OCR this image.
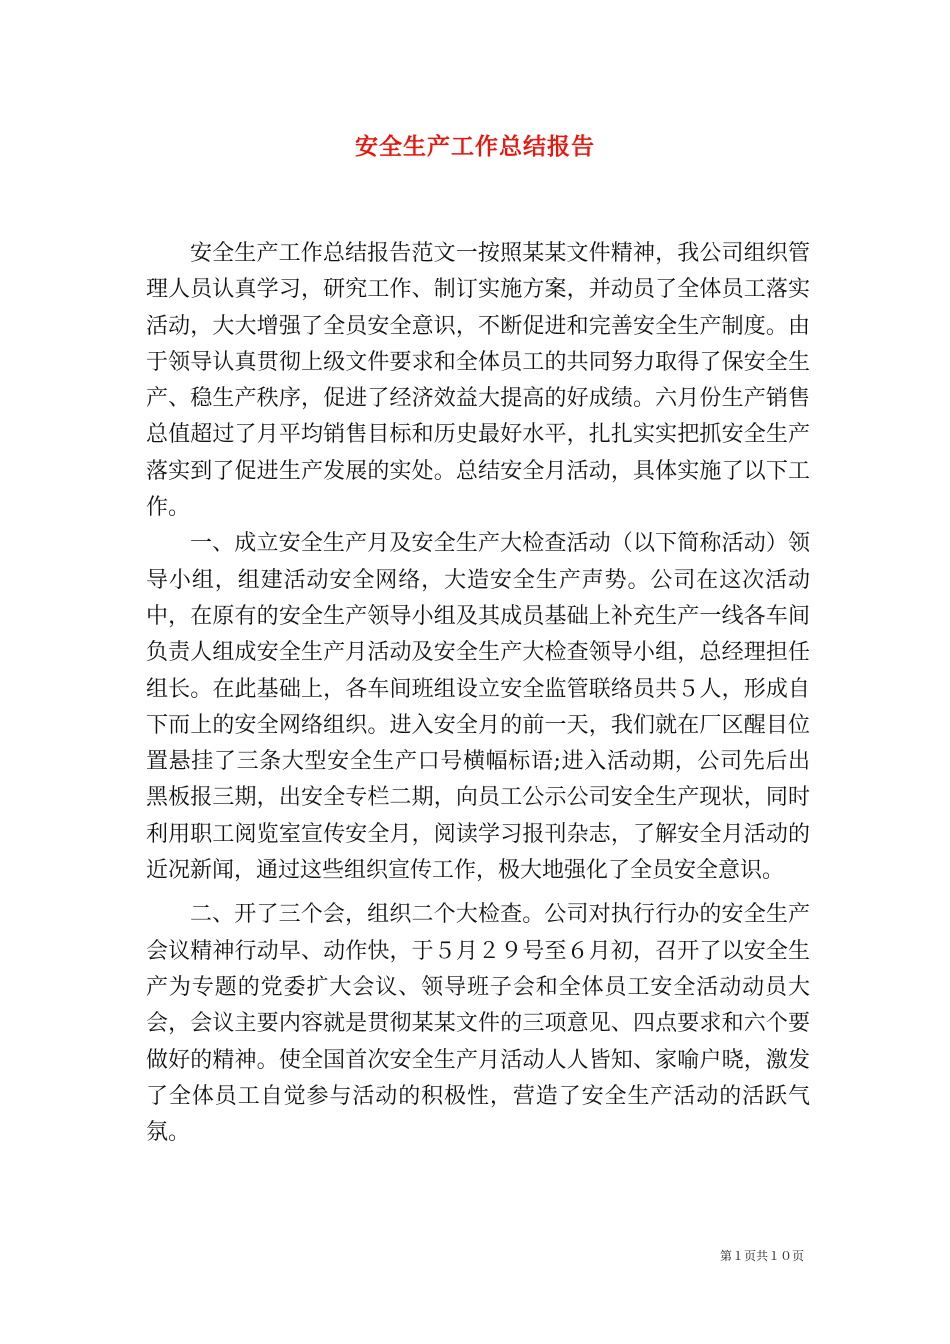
安全生产工作总结报告

安全生产工作总结报告范文一按照某某文件精神，我公司组织管理人员认真学习，研究工作、制订实施方案，并动员了全体员工落实活动，大大增强了全员安全意识，不断促进和完善安全生产制度。由于领导认真贯彻上级文件要求和全体员工的共同努力取得了保安全生产、稳生产秩序，促进了经济效益大提高的好成绩。六月份生产销售总值超过了月平均销售目标和历史最好水平，扎扎实实把抓安全生产落实到了促进生产发展的实处。总结安全月活动，具体实施了以下工作。

一、成立安全生产月及安全生产大检查活动（以下简称活动）领导小组，组建活动安全网络，大造安全生产声势。公司在这次活动中，在原有的安全生产领导小组及其成员基础上补充生产一线各车间负责人组成安全生产月活动及安全生产大检查领导小组，总经理担任组长。在此基础上，各车间班组设立安全监管联络员共５人，形成自下而上的安全网络组织。进入安全月的前一天，我们就在厂区醒目位置悬挂了三条大型安全生产口号横幅标语;进入活动期，公司先后出黑板报三期，出安全专栏二期，向员工公示公司安全生产现状，同时利用职工阅览室宣传安全月，阅读学习报刊杂志，了解安全月活动的近况新闻，通过这些组织宣传工作，极大地强化了全员安全意识。

二、开了三个会，组织二个大检查。公司对执行行办的安全生产会议精神行动早、动作快，于５月２９号至６月初，召开了以安全生产为专题的党委扩大会议、领导班子会和全体员工安全活动动员大会，会议主要内容就是贯彻某某文件的三项意见、四点要求和六个要做好的精神。使全国首次安全生产月活动人人皆知、家喻户晓，激发了全体员工自觉参与活动的积极性，营造了安全生产活动的活跃气氛。

第１页共１０页
